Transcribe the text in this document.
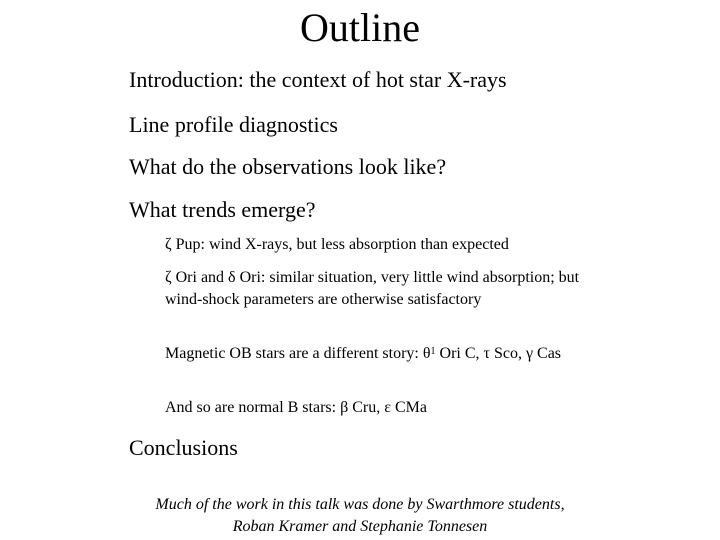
Outline
Introduction: the context of hot star X-rays
Line profile diagnostics
What do the observations look like?
What trends emerge?
ζ Pup: wind X-rays, but less absorption than expected
ζ Ori and δ Ori: similar situation, very little wind absorption; but wind-shock parameters are otherwise satisfactory
Magnetic OB stars are a different story: $\theta^1$ Ori C, τ Sco, γ Cas
And so are normal B stars: β Cru, ε CMa
Conclusions
Much of the work in this talk was done by Swarthmore students,
Roban Kramer and Stephanie Tonnesen
